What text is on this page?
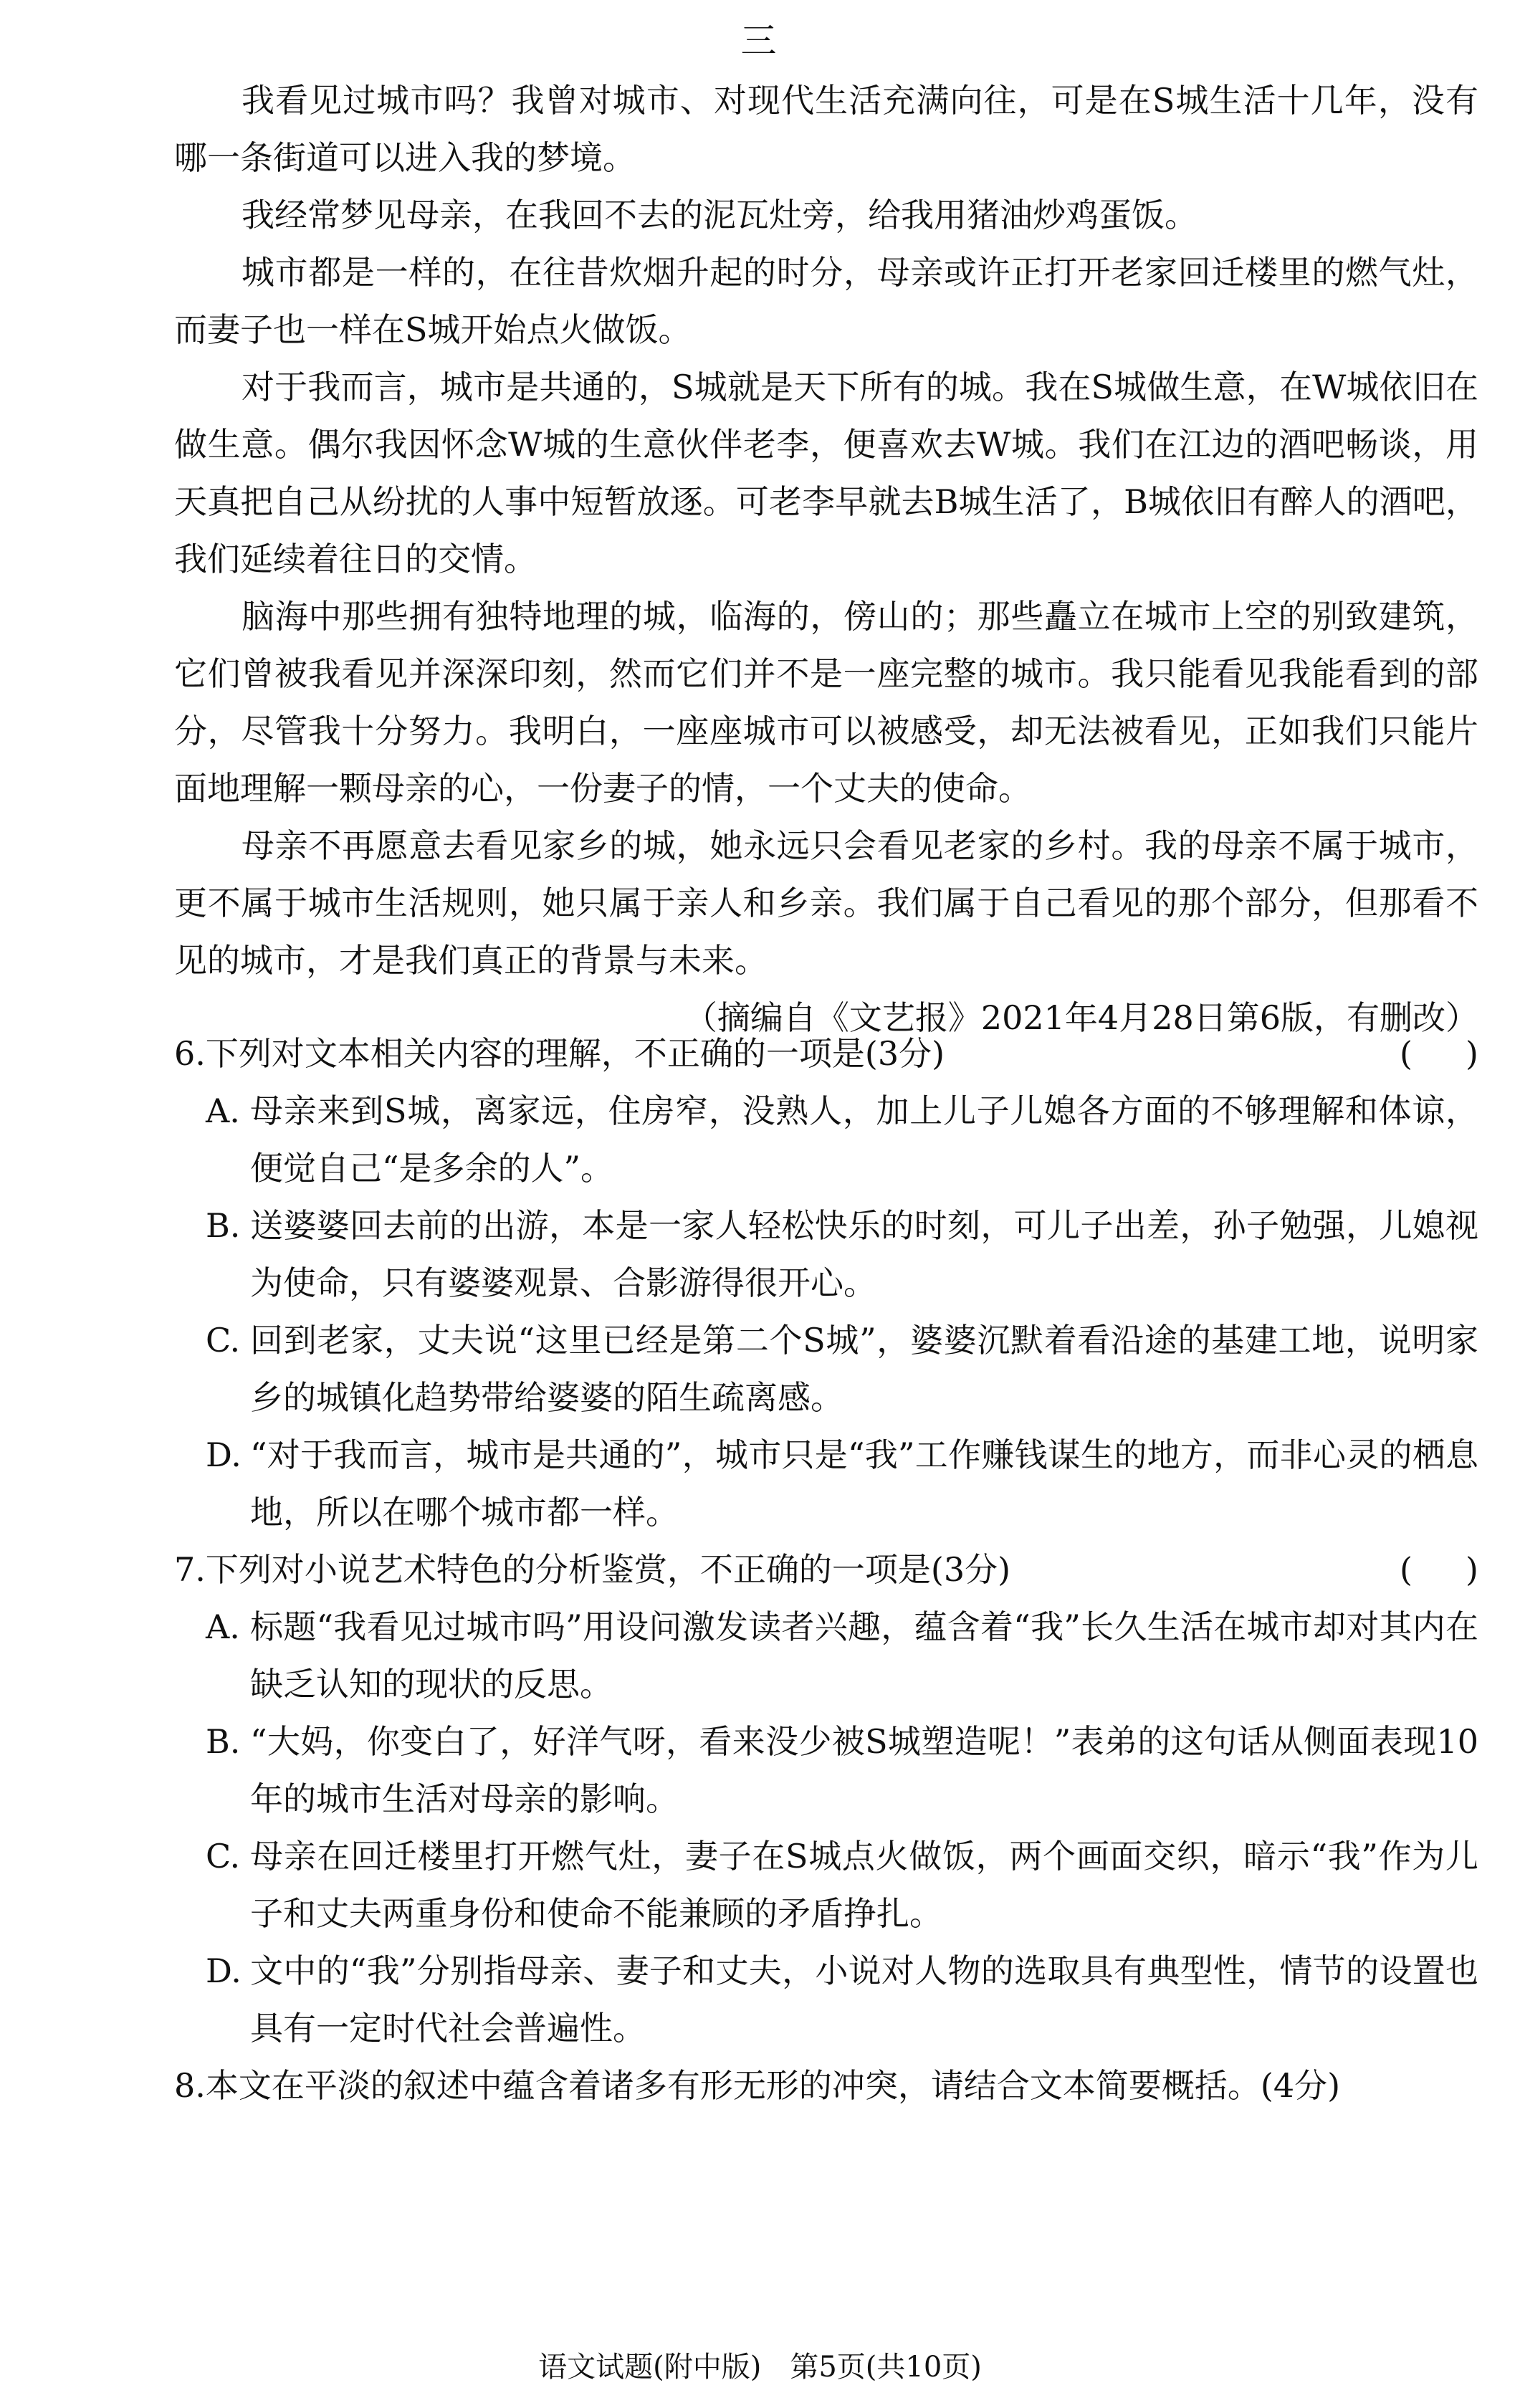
三

我看见过城市吗？我曾对城市、对现代生活充满向往，可是在S城生活十几年，没有哪一条街道可以进入我的梦境。

我经常梦见母亲，在我回不去的泥瓦灶旁，给我用猪油炒鸡蛋饭。

城市都是一样的，在往昔炊烟升起的时分，母亲或许正打开老家回迁楼里的燃气灶，而妻子也一样在S城开始点火做饭。

对于我而言，城市是共通的，S城就是天下所有的城。我在S城做生意，在W城依旧在做生意。偶尔我因怀念W城的生意伙伴老李，便喜欢去W城。我们在江边的酒吧畅谈，用天真把自己从纷扰的人事中短暂放逐。可老李早就去B城生活了，B城依旧有醉人的酒吧，我们延续着往日的交情。

脑海中那些拥有独特地理的城，临海的，傍山的；那些矗立在城市上空的别致建筑，它们曾被我看见并深深印刻，然而它们并不是一座完整的城市。我只能看见我能看到的部分，尽管我十分努力。我明白，一座座城市可以被感受，却无法被看见，正如我们只能片面地理解一颗母亲的心，一份妻子的情，一个丈夫的使命。

母亲不再愿意去看见家乡的城，她永远只会看见老家的乡村。我的母亲不属于城市，更不属于城市生活规则，她只属于亲人和乡亲。我们属于自己看见的那个部分，但那看不见的城市，才是我们真正的背景与未来。

（摘编自《文艺报》2021年4月28日第6版，有删改）

6.下列对文本相关内容的理解，不正确的一项是(3分)	( )
A. 母亲来到S城，离家远，住房窄，没熟人，加上儿子儿媳各方面的不够理解和体谅，便觉自己“是多余的人”。
B. 送婆婆回去前的出游，本是一家人轻松快乐的时刻，可儿子出差，孙子勉强，儿媳视为使命，只有婆婆观景、合影游得很开心。
C. 回到老家，丈夫说“这里已经是第二个S城”，婆婆沉默着看沿途的基建工地，说明家乡的城镇化趋势带给婆婆的陌生疏离感。
D. “对于我而言，城市是共通的”，城市只是“我”工作赚钱谋生的地方，而非心灵的栖息地，所以在哪个城市都一样。
7.下列对小说艺术特色的分析鉴赏，不正确的一项是(3分)	( )
A. 标题“我看见过城市吗”用设问激发读者兴趣，蕴含着“我”长久生活在城市却对其内在缺乏认知的现状的反思。
B. “大妈，你变白了，好洋气呀，看来没少被S城塑造呢！”表弟的这句话从侧面表现10年的城市生活对母亲的影响。
C. 母亲在回迁楼里打开燃气灶，妻子在S城点火做饭，两个画面交织，暗示“我”作为儿子和丈夫两重身份和使命不能兼顾的矛盾挣扎。
D. 文中的“我”分别指母亲、妻子和丈夫，小说对人物的选取具有典型性，情节的设置也具有一定时代社会普遍性。
8.本文在平淡的叙述中蕴含着诸多有形无形的冲突，请结合文本简要概括。(4分)
语文试题(附中版)　第5页(共10页)
